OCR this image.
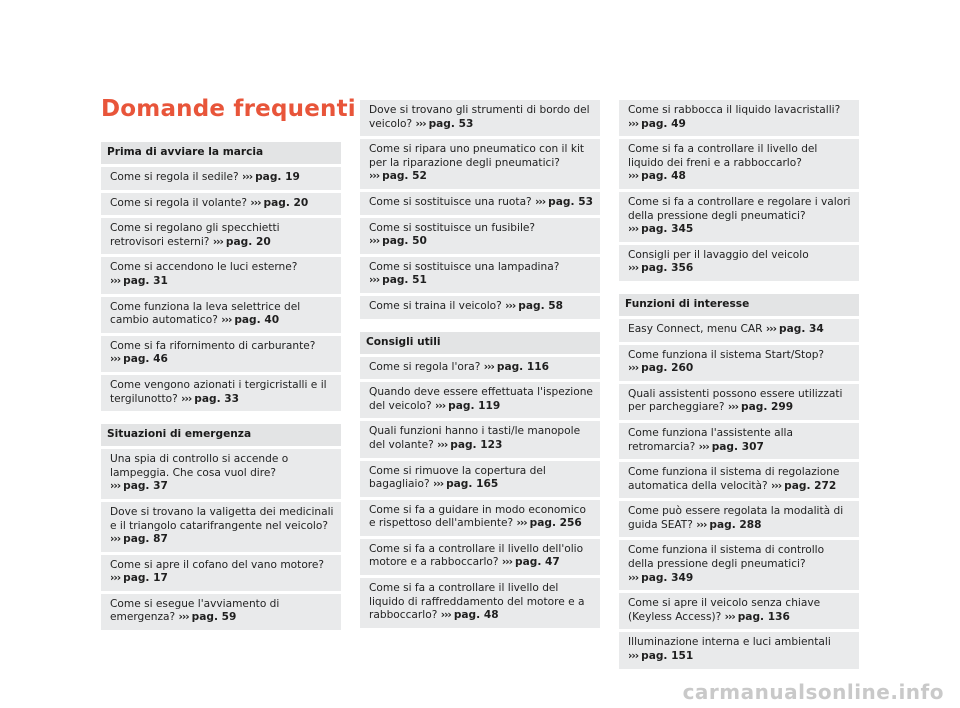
Domande frequenti
Prima di avviare la marcia
Come si regola il sedile? ››› pag. 19
Come si regola il volante? ››› pag. 20
Come si regolano gli specchietti retrovisori esterni? ››› pag. 20
Come si accendono le luci esterne? ››› pag. 31
Come funziona la leva selettrice del cambio automatico? ››› pag. 40
Come si fa rifornimento di carburante? ››› pag. 46
Come vengono azionati i tergicristalli e il tergilunotto? ››› pag. 33
Situazioni di emergenza
Una spia di controllo si accende o lampeggia. Che cosa vuol dire? ››› pag. 37
Dove si trovano la valigetta dei medicinali e il triangolo catarifrangente nel veicolo? ››› pag. 87
Come si apre il cofano del vano motore? ››› pag. 17
Come si esegue l'avviamento di emergenza? ››› pag. 59
Dove si trovano gli strumenti di bordo del veicolo? ››› pag. 53
Come si ripara uno pneumatico con il kit per la riparazione degli pneumatici? ››› pag. 52
Come si sostituisce una ruota? ››› pag. 53
Come si sostituisce un fusibile? ››› pag. 50
Come si sostituisce una lampadina? ››› pag. 51
Come si traina il veicolo? ››› pag. 58
Consigli utili
Come si regola l'ora? ››› pag. 116
Quando deve essere effettuata l'ispezione del veicolo? ››› pag. 119
Quali funzioni hanno i tasti/le manopole del volante? ››› pag. 123
Come si rimuove la copertura del bagagliaio? ››› pag. 165
Come si fa a guidare in modo economico e rispettoso dell'ambiente? ››› pag. 256
Come si fa a controllare il livello dell'olio motore e a rabboccarlo? ››› pag. 47
Come si fa a controllare il livello del liquido di raffreddamento del motore e a rabboccarlo? ››› pag. 48
Come si rabbocca il liquido lavacristalli? ››› pag. 49
Come si fa a controllare il livello del liquido dei freni e a rabboccarlo? ››› pag. 48
Come si fa a controllare e regolare i valori della pressione degli pneumatici? ››› pag. 345
Consigli per il lavaggio del veicolo ››› pag. 356
Funzioni di interesse
Easy Connect, menu CAR ››› pag. 34
Come funziona il sistema Start/Stop? ››› pag. 260
Quali assistenti possono essere utilizzati per parcheggiare? ››› pag. 299
Come funziona l'assistente alla retromarcia? ››› pag. 307
Come funziona il sistema di regolazione automatica della velocità? ››› pag. 272
Come può essere regolata la modalità di guida SEAT? ››› pag. 288
Come funziona il sistema di controllo della pressione degli pneumatici? ››› pag. 349
Come si apre il veicolo senza chiave (Keyless Access)? ››› pag. 136
Illuminazione interna e luci ambientali ››› pag. 151
carmanualsonline.info
